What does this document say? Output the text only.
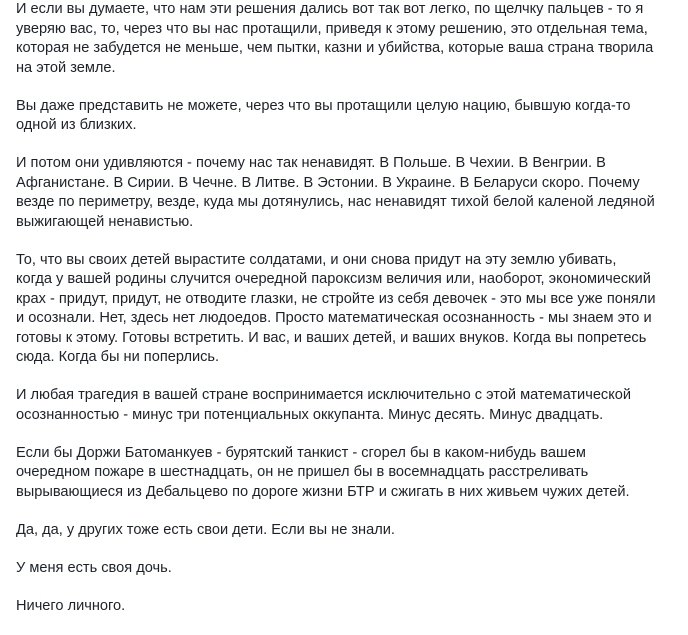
И если вы думаете, что нам эти решения дались вот так вот легко, по щелчку пальцев - то я
уверяю вас, то, через что вы нас протащили, приведя к этому решению, это отдельная тема,
которая не забудется не меньше, чем пытки, казни и убийства, которые ваша страна творила
на этой земле.

Вы даже представить не можете, через что вы протащили целую нацию, бывшую когда-то
одной из близких.

И потом они удивляются - почему нас так ненавидят. В Польше. В Чехии. В Венгрии. В
Афганистане. В Сирии. В Чечне. В Литве. В Эстонии. В Украине. В Беларуси скоро. Почему
везде по периметру, везде, куда мы дотянулись, нас ненавидят тихой белой каленой ледяной
выжигающей ненавистью.

То, что вы своих детей вырастите солдатами, и они снова придут на эту землю убивать,
когда у вашей родины случится очередной пароксизм величия или, наоборот, экономический
крах - придут, придут, не отводите глазки, не стройте из себя девочек - это мы все уже поняли
и осознали. Нет, здесь нет людоедов. Просто математическая осознанность - мы знаем это и
готовы к этому. Готовы встретить. И вас, и ваших детей, и ваших внуков. Когда вы попретесь
сюда. Когда бы ни поперлись.

И любая трагедия в вашей стране воспринимается исключительно с этой математической
осознанностью - минус три потенциальных оккупанта. Минус десять. Минус двадцать.

Если бы Доржи Батоманкуев - бурятский танкист - сгорел бы в каком-нибудь вашем
очередном пожаре в шестнадцать, он не пришел бы в восемнадцать расстреливать
вырывающиеся из Дебальцево по дороге жизни БТР и сжигать в них живьем чужих детей.

Да, да, у других тоже есть свои дети. Если вы не знали.

У меня есть своя дочь.

Ничего личного.
